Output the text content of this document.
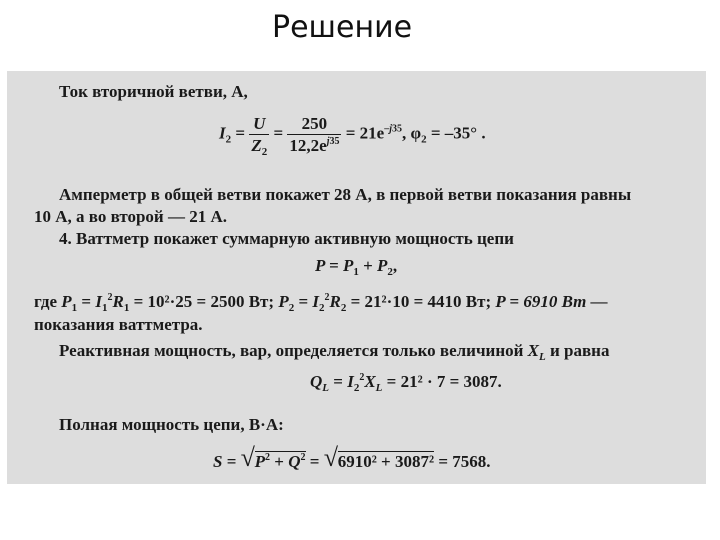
Решение
Ток вторичной ветви, А,
$I_2 = \frac{U}{Z_2} = \frac{250}{12,2e^{j35}} = 21e^{-j35}$, $\varphi_2 = -35^\circ$ .
Амперметр в общей ветви покажет 28 А, в первой ветви показания равны
10 А, а во второй — 21 А.
4. Ваттметр покажет суммарную активную мощность цепи
$P = P_1 + P_2$,
где $P_1 = I_1^2R_1 = 10^2\cdot 25 = 2500$ Вт; $P_2 = I_2^2R_2 = 21^2\cdot 10 = 4410$ Вт; P = 6910 Вт —
показания ваттметра.
Реактивная мощность, вар, определяется только величиной $X_L$ и равна
$Q_L = I_2^2X_L = 21^2 \cdot 7 = 3087$.
Полная мощность цепи, В·А:
S = √ $P^2 + Q^2$ = √ 6910² + 3087² = 7568.
